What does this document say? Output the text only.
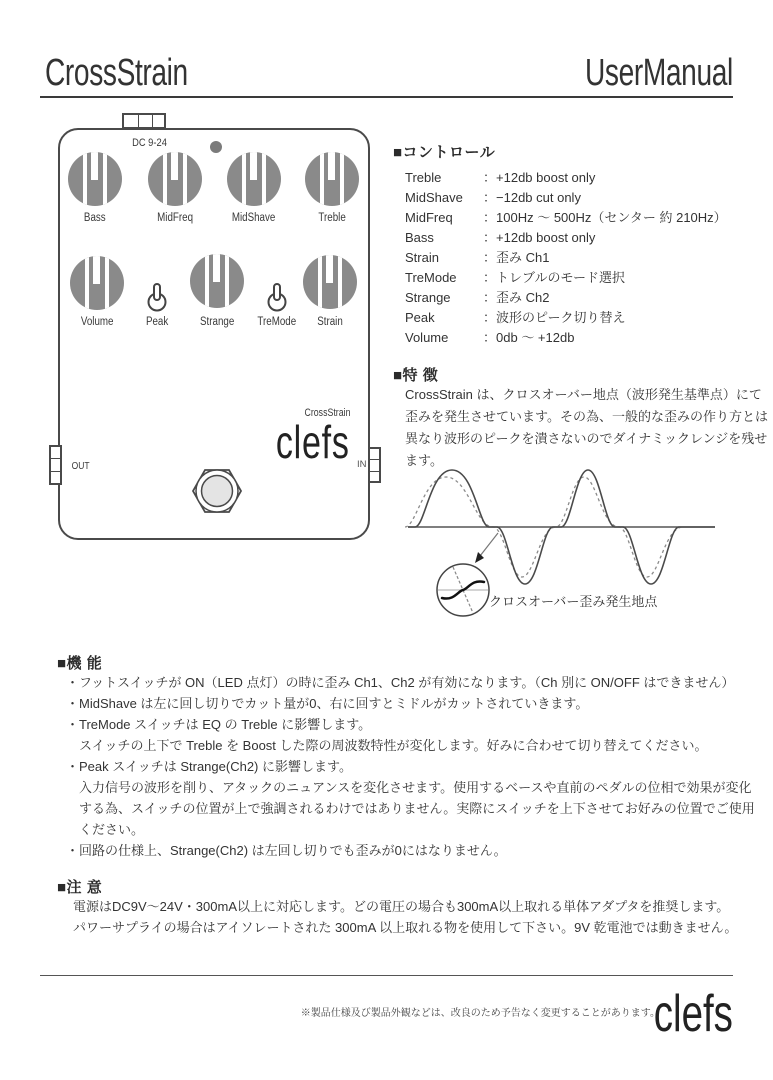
CrossStrain	UserManual
DC 9-24
Bass	MidFreq	MidShave	Treble
Volume	Peak	Strange	TreMode	Strain
CrossStrain
clefs IN
OUT
■コントロール
Treble	：+12db boost only
MidShave ：−12db cut only
MidFreq ：100Hz ～ 500Hz（センター 約 210Hz）
Bass	：+12db boost only
Strain	：歪み Ch1
TreMode ：トレブルのモード選択
Strange ：歪み Ch2
Peak	：波形のピーク切り替え
Volume	：0db ～ +12db
■特 徴
CrossStrain は、クロスオーバー地点（波形発生基準点）にて
歪みを発生させています。その為、一般的な歪みの作り方とは
異なり波形のピークを潰さないのでダイナミックレンジを残せ
ます。
クロスオーバー歪み発生地点
■機 能
・フットスイッチが ON（LED 点灯）の時に歪み Ch1、Ch2 が有効になります。（Ch 別に ON/OFF はできません）
・MidShave は左に回し切りでカット量が0、右に回すとミドルがカットされていきます。
・TreMode スイッチは EQ の Treble に影響します。
　スイッチの上下で Treble を Boost した際の周波数特性が変化します。好みに合わせて切り替えてください。
・Peak スイッチは Strange(Ch2) に影響します。
　入力信号の波形を削り、アタックのニュアンスを変化させます。使用するベースや直前のペダルの位相で効果が変化
　する為、スイッチの位置が上で強調されるわけではありません。実際にスイッチを上下させてお好みの位置でご使用
　ください。
・回路の仕様上、Strange(Ch2) は左回し切りでも歪みが0にはなりません。
■注 意
電源はDC9V～24V・300mA以上に対応します。どの電圧の場合も300mA以上取れる単体アダプタを推奨します。
パワーサプライの場合はアイソレートされた 300mA 以上取れる物を使用して下さい。9V 乾電池では動きません。
※製品仕様及び製品外観などは、改良のため予告なく変更することがあります。
clefs
